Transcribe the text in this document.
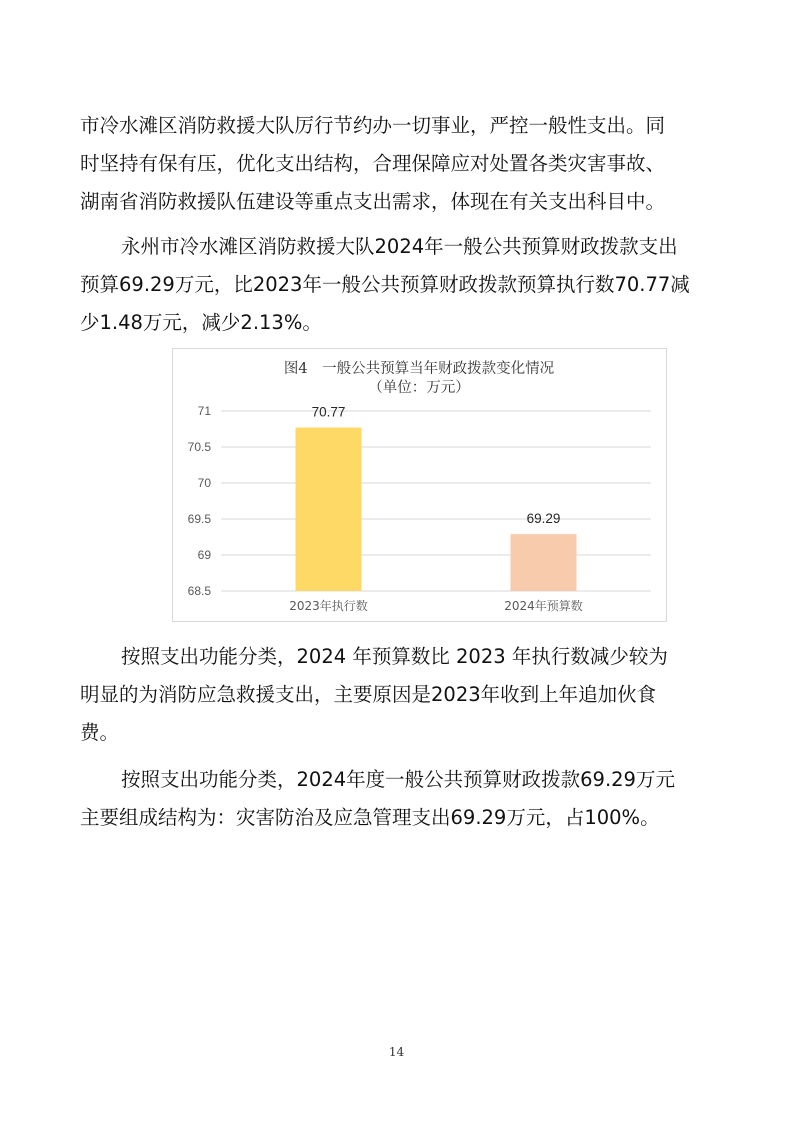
市冷水滩区消防救援大队厉行节约办一切事业，严控一般性支出。同
时坚持有保有压，优化支出结构，合理保障应对处置各类灾害事故、
湖南省消防救援队伍建设等重点支出需求，体现在有关支出科目中。
永州市冷水滩区消防救援大队2024年一般公共预算财政拨款支出
预算69.29万元，比2023年一般公共预算财政拨款预算执行数70.77减
少1.48万元，减少2.13%。
图4　一般公共预算当年财政拨款变化情况
（单位：万元）
71
70.5
70
69.5
69
68.5
70.77
2023年执行数
69.29
2024年预算数
按照支出功能分类，2024 年预算数比 2023 年执行数减少较为
明显的为消防应急救援支出，主要原因是2023年收到上年追加伙食
费。
按照支出功能分类，2024年度一般公共预算财政拨款69.29万元
主要组成结构为：灾害防治及应急管理支出69.29万元，占100%。
14
